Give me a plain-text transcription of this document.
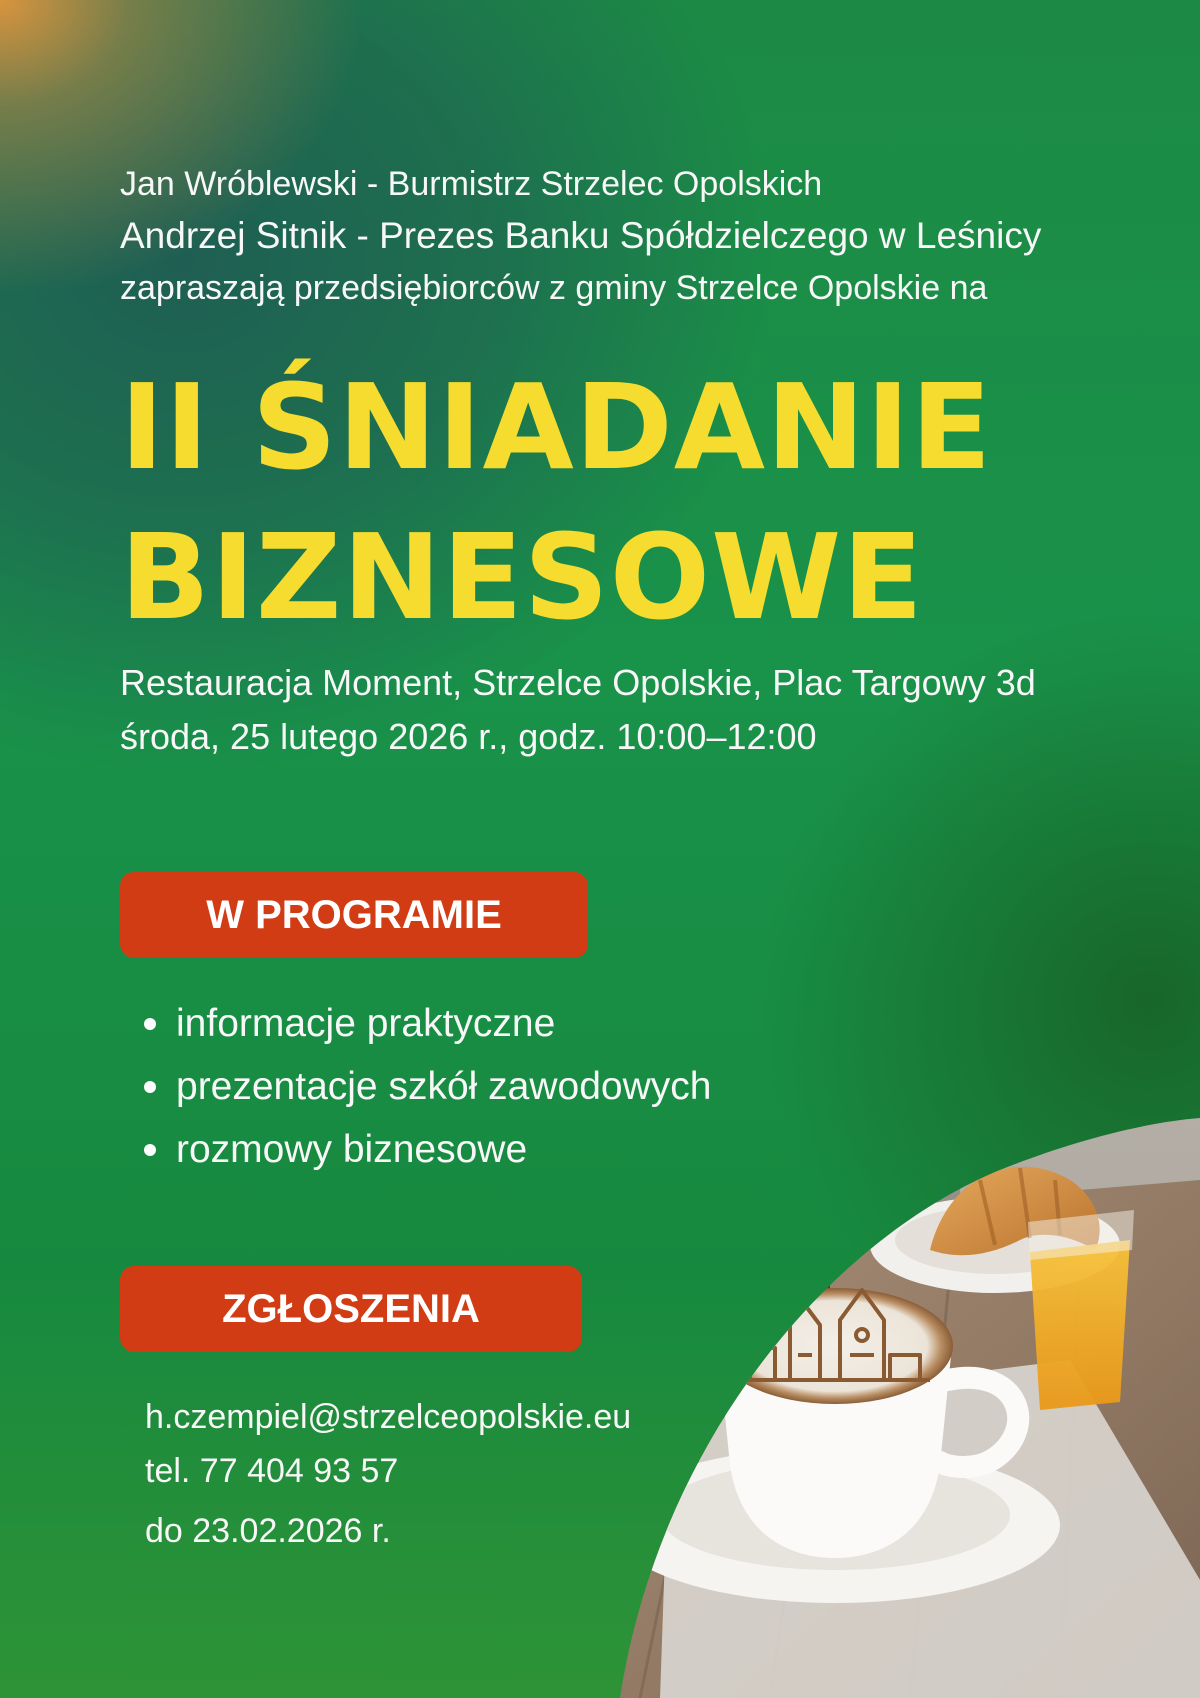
Jan Wróblewski - Burmistrz Strzelec Opolskich
Andrzej Sitnik - Prezes Banku Spółdzielczego w Leśnicy
zapraszają przedsiębiorców z gminy Strzelce Opolskie na
II ŚNIADANIE
BIZNESOWE
Restauracja Moment, Strzelce Opolskie, Plac Targowy 3d
środa, 25 lutego 2026 r., godz. 10:00–12:00
W PROGRAMIE
informacje praktyczne
prezentacje szkół zawodowych
rozmowy biznesowe
ZGŁOSZENIA
h.czempiel@strzelceopolskie.eu
tel. 77 404 93 57
do 23.02.2026 r.
